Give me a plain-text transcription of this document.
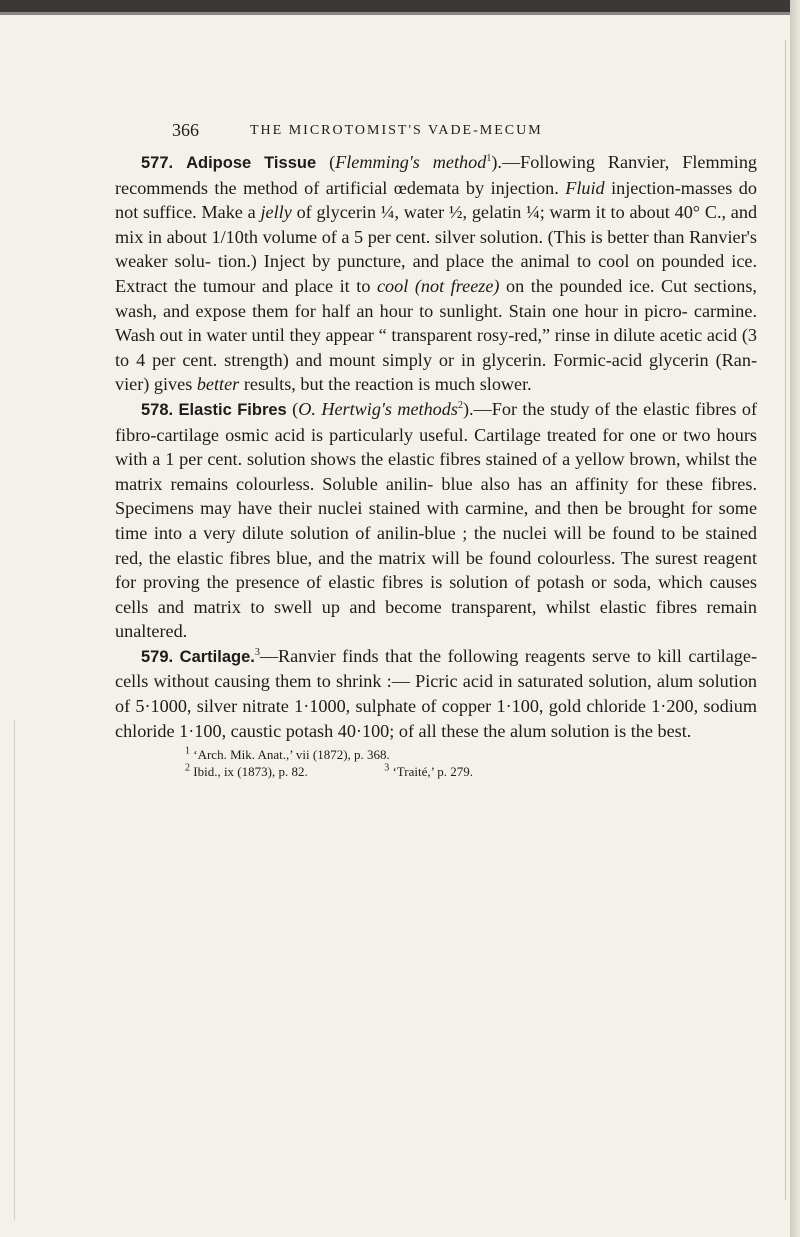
366	THE MICROTOMIST'S VADE-MECUM

577. Adipose Tissue (Flemming's method$^1$).—Following Ranvier, Flemming recommends the method of artificial œdemata by injection. Fluid injection-masses do not suffice. Make a jelly of glycerin ¼, water ½, gelatin ¼; warm it to about 40° C., and mix in about 1/10th volume of a 5 per cent. silver solution. (This is better than Ranvier's weaker solu- tion.) Inject by puncture, and place the animal to cool on pounded ice. Extract the tumour and place it to cool (not freeze) on the pounded ice. Cut sections, wash, and expose them for half an hour to sunlight. Stain one hour in picro- carmine. Wash out in water until they appear “ transparent rosy-red,” rinse in dilute acetic acid (3 to 4 per cent. strength) and mount simply or in glycerin. Formic-acid glycerin (Ran- vier) gives better results, but the reaction is much slower.

578. Elastic Fibres (O. Hertwig's methods$^2$).—For the study of the elastic fibres of fibro-cartilage osmic acid is particularly useful. Cartilage treated for one or two hours with a 1 per cent. solution shows the elastic fibres stained of a yellow brown, whilst the matrix remains colourless. Soluble anilin- blue also has an affinity for these fibres. Specimens may have their nuclei stained with carmine, and then be brought for some time into a very dilute solution of anilin-blue ; the nuclei will be found to be stained red, the elastic fibres blue, and the matrix will be found colourless. The surest reagent for proving the presence of elastic fibres is solution of potash or soda, which causes cells and matrix to swell up and become transparent, whilst elastic fibres remain unaltered.

579. Cartilage.$^3$—Ranvier finds that the following reagents serve to kill cartilage-cells without causing them to shrink :— Picric acid in saturated solution, alum solution of 5·1000, silver nitrate 1·1000, sulphate of copper 1·100, gold chloride 1·200, sodium chloride 1·100, caustic potash 40·100; of all these the alum solution is the best.

$^1$ ‘Arch. Mik. Anat.,’ vii (1872), p. 368.
$^2$ Ibid., ix (1873), p. 82.	$^3$ ‘Traité,’ p. 279.
